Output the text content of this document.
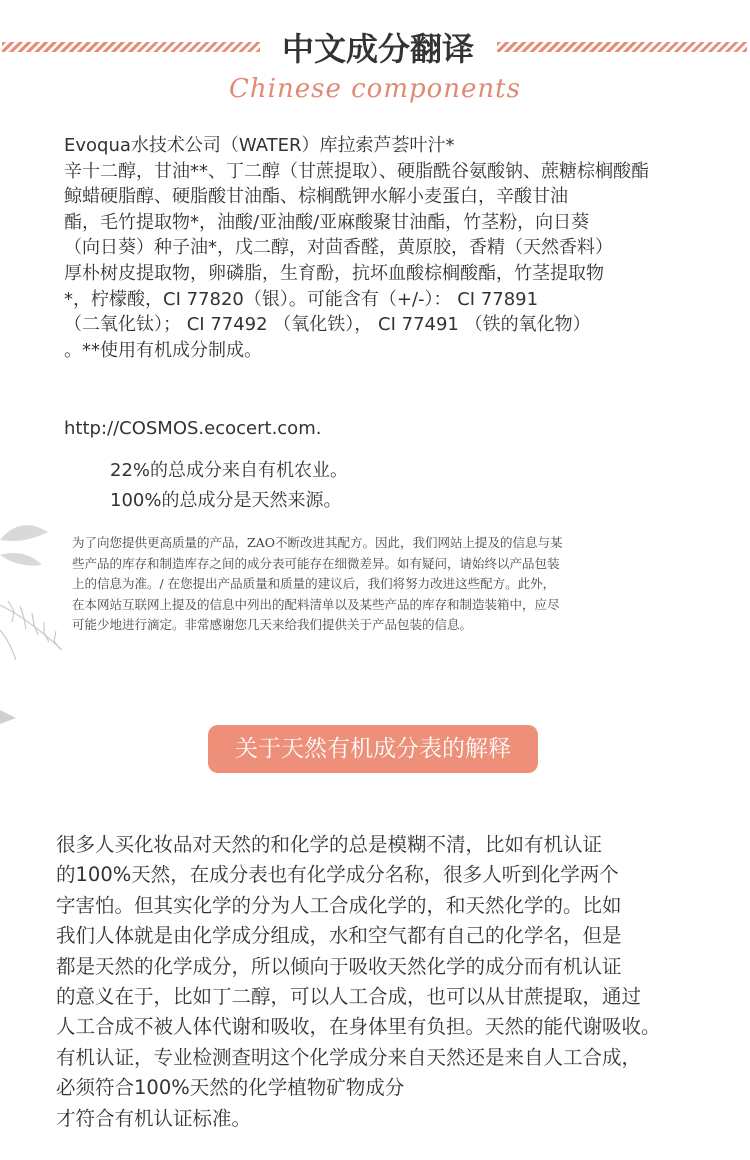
中文成分翻译
Chinese components
Evoqua水技术公司（WATER）库拉索芦荟叶汁*
辛十二醇，甘油**、丁二醇（甘蔗提取）、硬脂酰谷氨酸钠、蔗糖棕榈酸酯
鲸蜡硬脂醇、硬脂酸甘油酯、棕榈酰钾水解小麦蛋白，辛酸甘油
酯，毛竹提取物*，油酸/亚油酸/亚麻酸聚甘油酯，竹茎粉，向日葵
（向日葵）种子油*，戊二醇，对茴香醛，黄原胶，香精（天然香料）
厚朴树皮提取物，卵磷脂，生育酚，抗坏血酸棕榈酸酯，竹茎提取物
*，柠檬酸，CI 77820（银）。可能含有（+/-）： CI 77891
（二氧化钛）； CI 77492 （氧化铁）， CI 77491 （铁的氧化物）
。**使用有机成分制成。
http://COSMOS.ecocert.com.
22%的总成分来自有机农业。
100%的总成分是天然来源。
为了向您提供更高质量的产品，ZAO不断改进其配方。因此，我们网站上提及的信息与某
些产品的库存和制造库存之间的成分表可能存在细微差异。如有疑问，请始终以产品包装
上的信息为准。/ 在您提出产品质量和质量的建议后，我们将努力改进这些配方。此外，
在本网站互联网上提及的信息中列出的配料清单以及某些产品的库存和制造装箱中，应尽
可能少地进行滴定。非常感谢您几天来给我们提供关于产品包装的信息。
关于天然有机成分表的解释
很多人买化妆品对天然的和化学的总是模糊不清，比如有机认证
的100%天然，在成分表也有化学成分名称，很多人听到化学两个
字害怕。但其实化学的分为人工合成化学的，和天然化学的。比如
我们人体就是由化学成分组成，水和空气都有自己的化学名，但是
都是天然的化学成分，所以倾向于吸收天然化学的成分而有机认证
的意义在于，比如丁二醇，可以人工合成，也可以从甘蔗提取，通过
人工合成不被人体代谢和吸收，在身体里有负担。天然的能代谢吸收。
有机认证，专业检测查明这个化学成分来自天然还是来自人工合成，
必须符合100%天然的化学植物矿物成分
才符合有机认证标准。
